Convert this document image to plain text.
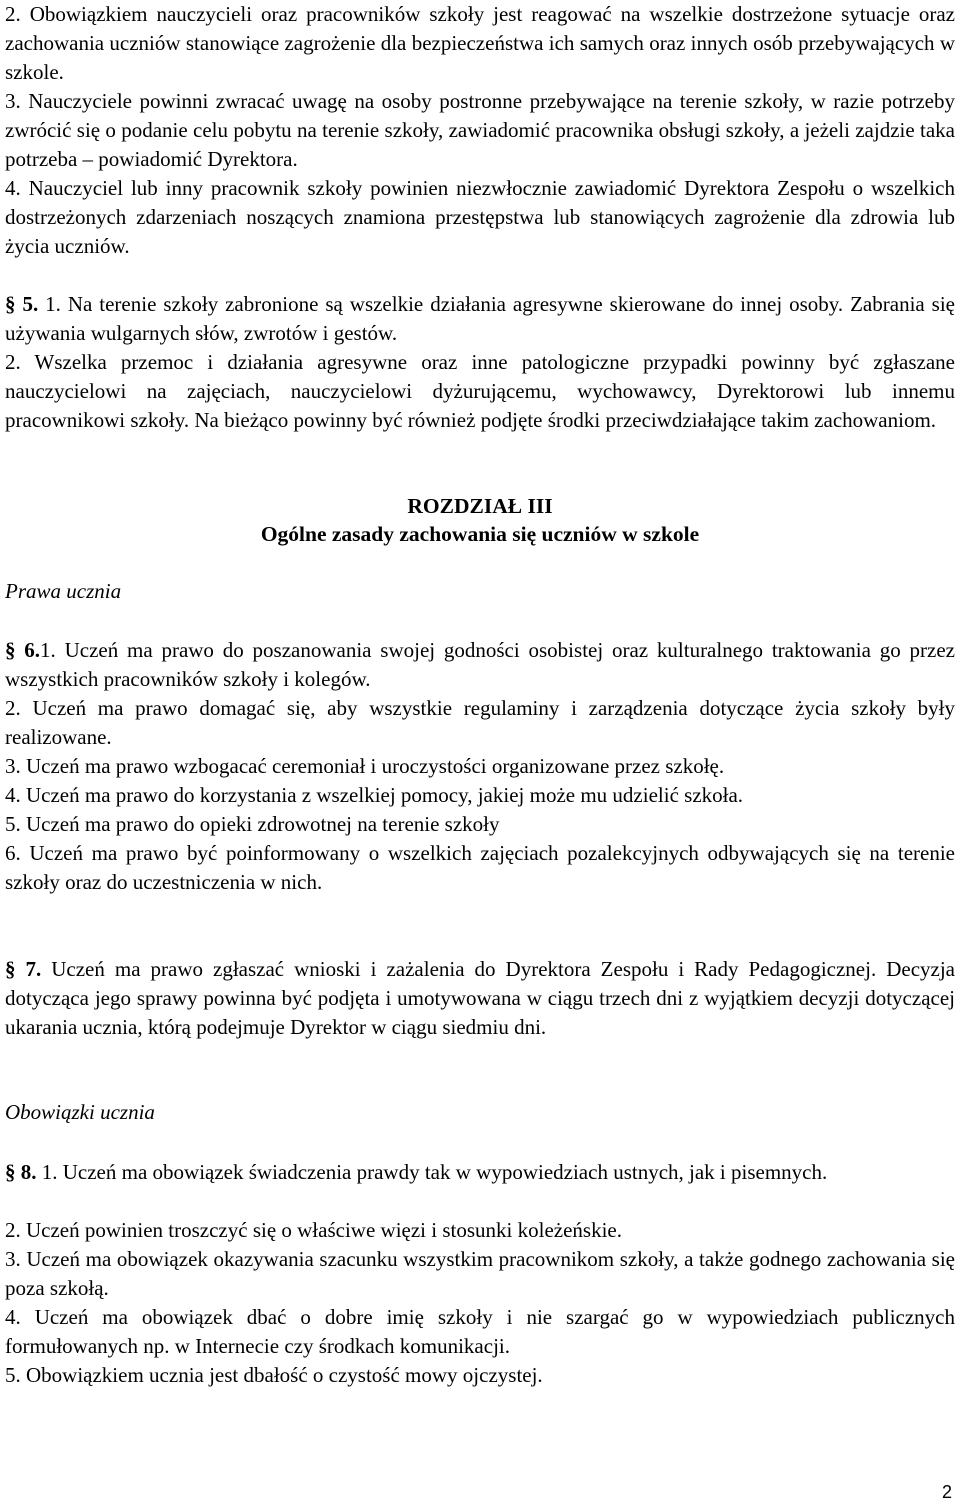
2. Obowiązkiem nauczycieli oraz pracowników szkoły jest reagować na wszelkie dostrzeżone sytuacje oraz zachowania uczniów stanowiące zagrożenie dla bezpieczeństwa ich samych oraz innych osób przebywających w szkole.

3. Nauczyciele powinni zwracać uwagę na osoby postronne przebywające na terenie szkoły, w razie potrzeby zwrócić się o podanie celu pobytu na terenie szkoły, zawiadomić pracownika obsługi szkoły, a jeżeli zajdzie taka potrzeba – powiadomić Dyrektora.

4. Nauczyciel lub inny pracownik szkoły powinien niezwłocznie zawiadomić Dyrektora Zespołu o wszelkich dostrzeżonych zdarzeniach noszących znamiona przestępstwa lub stanowiących zagrożenie dla zdrowia lub życia uczniów.

§ 5. 1. Na terenie szkoły zabronione są wszelkie działania agresywne skierowane do innej osoby. Zabrania się używania wulgarnych słów, zwrotów i gestów.

2. Wszelka przemoc i działania agresywne oraz inne patologiczne przypadki powinny być zgłaszane nauczycielowi na zajęciach, nauczycielowi dyżurującemu, wychowawcy, Dyrektorowi lub innemu pracownikowi szkoły. Na bieżąco powinny być również podjęte środki przeciwdziałające takim zachowaniom.

ROZDZIAŁ III
Ogólne zasady zachowania się uczniów w szkole
Prawa ucznia

§ 6.1. Uczeń ma prawo do poszanowania swojej godności osobistej oraz kulturalnego traktowania go przez wszystkich pracowników szkoły i kolegów.

2. Uczeń ma prawo domagać się, aby wszystkie regulaminy i zarządzenia dotyczące życia szkoły były realizowane.

3. Uczeń ma prawo wzbogacać ceremoniał i uroczystości organizowane przez szkołę.

4. Uczeń ma prawo do korzystania z wszelkiej pomocy, jakiej może mu udzielić szkoła.

5. Uczeń ma prawo do opieki zdrowotnej na terenie szkoły

6. Uczeń ma prawo być poinformowany o wszelkich zajęciach pozalekcyjnych odbywających się na terenie szkoły oraz do uczestniczenia w nich.

§ 7. Uczeń ma prawo zgłaszać wnioski i zażalenia do Dyrektora Zespołu i Rady Pedagogicznej. Decyzja dotycząca jego sprawy powinna być podjęta i umotywowana w ciągu trzech dni z wyjątkiem decyzji dotyczącej ukarania ucznia, którą podejmuje Dyrektor w ciągu siedmiu dni.

Obowiązki ucznia

§ 8. 1. Uczeń ma obowiązek świadczenia prawdy tak w wypowiedziach ustnych, jak i pisemnych.

2. Uczeń powinien troszczyć się o właściwe więzi i stosunki koleżeńskie.

3. Uczeń ma obowiązek okazywania szacunku wszystkim pracownikom szkoły, a także godnego zachowania się poza szkołą.

4. Uczeń ma obowiązek dbać o dobre imię szkoły i nie szargać go w wypowiedziach publicznych formułowanych np. w Internecie czy środkach komunikacji.

5. Obowiązkiem ucznia jest dbałość o czystość mowy ojczystej.

2
